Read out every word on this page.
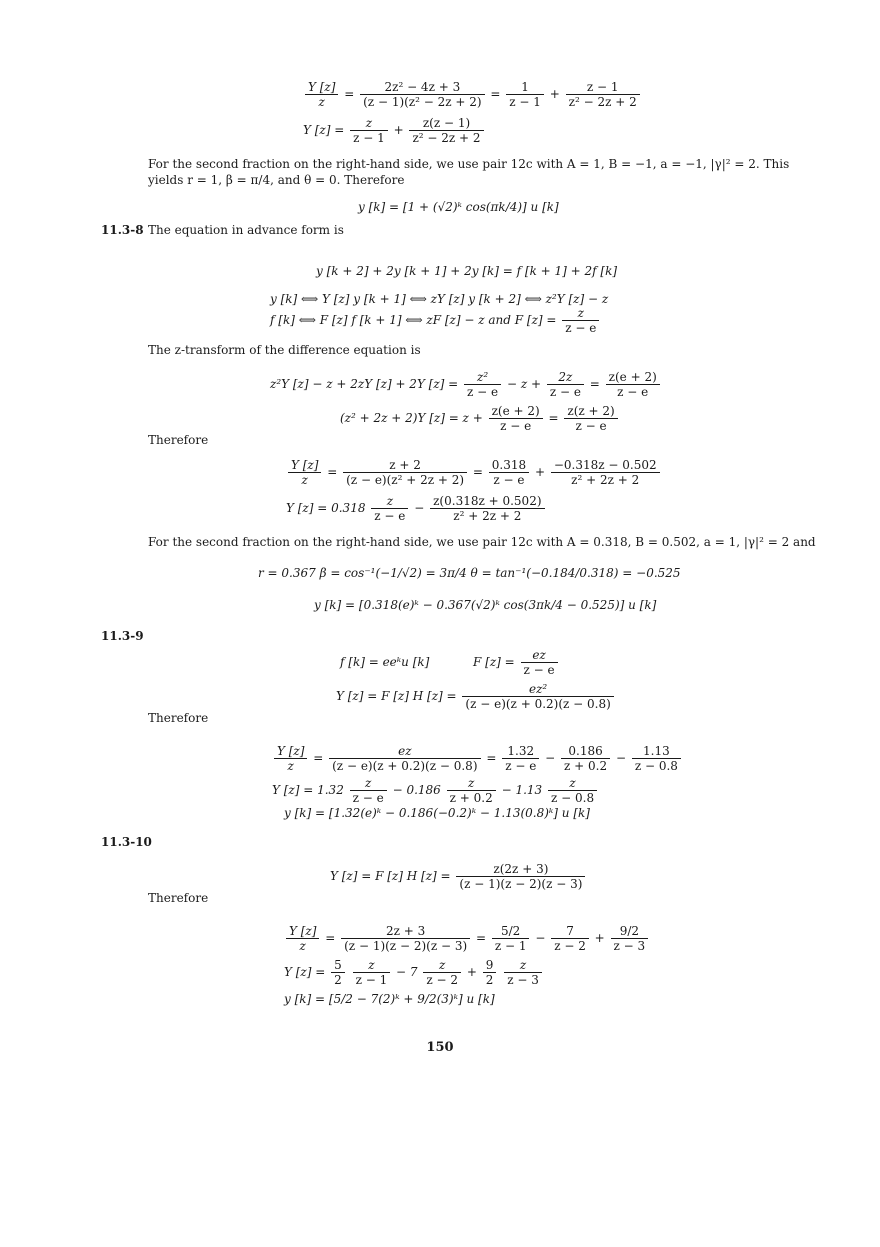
$\frac{Y [z]}{z} = \frac{\text{2z² − 4z + 3}}{\text{(z − 1)(z² − 2z + 2)}} = \frac{1}{z - 1} + \frac{z - 1}{\text{z² − 2z + 2}}$
Y $[z] = \frac{z}{z - 1} + \frac{z(z - 1)}{\text{z² − 2z + 2}}$
For the second fraction on the right-hand side, we use pair 12c with A = 1, B = −1, a = −1, |γ|² = 2. This
yields r = 1, β = π/4, and θ = 0. Therefore
y [k] = [1 + (√2)ᵏ cos(πk/4)] u [k]
11.3-8 The equation in advance form is
y [k + 2] + 2y [k + 1] + 2y [k] = f [k + 1] + 2f [k]
y [k] ⟺ Y [z] y [k + 1] ⟺ zY [z] y [k + 2] ⟺ z²Y [z] − z
f [k] ⟺ F [z] f [k + 1] ⟺ zF [z] − z and F $[z] = \frac{z}{z - e}$
The z-transform of the difference equation is
z²Y [z] − z + 2zY [z] + 2Y $[z] = \frac{\text{z²}}{z - e} - z + \frac{2z}{z - e} = \frac{z(e + 2)}{z - e}$
(z² + 2z + 2)Y $[z] = z + \frac{z(e + 2)}{z - e} = \frac{z(z + 2)}{z - e}$
Therefore
$\frac{Y [z]}{z} = \frac{z + 2}{\text{(z − e)(z² + 2z + 2)}} = \frac{0.318}{z - e} + \frac{-0.318z - 0.502}{\text{z² + 2z + 2}}$
Y $[z] = 0.318 \frac{z}{z - e} - \frac{z(0.318z + 0.502)}{\text{z² + 2z + 2}}$
For the second fraction on the right-hand side, we use pair 12c with A = 0.318, B = 0.502, a = 1, |γ|² = 2 and
r = 0.367 β = cos⁻¹(−1/√2) = 3π/4 θ = tan⁻¹(−0.184/0.318) = −0.525
y [k] = [0.318(e)ᵏ − 0.367(√2)ᵏ cos(3πk/4 − 0.525)] u [k]
11.3-9
f [k] = eeᵏu [k]	F $[z] = \frac{ez}{z - e}$
Y [z] = F [z] H $[z] = \frac{\text{ez²}}{(z - e)(z + 0.2)(z - 0.8)}$
Therefore
$\frac{Y [z]}{z} = \frac{ez}{(z - e)(z + 0.2)(z - 0.8)} = \frac{1.32}{z - e} - \frac{0.186}{z + 0.2} - \frac{1.13}{z - 0.8}$
Y $[z] = 1.32 \frac{z}{z - e} - 0.186 \frac{z}{z + 0.2} - 1.13 \frac{z}{z - 0.8}$
y [k] = [1.32(e)ᵏ − 0.186(−0.2)ᵏ − 1.13(0.8)ᵏ] u [k]
11.3-10
Y [z] = F [z] H $[z] = \frac{z(2z + 3)}{(z - 1)(z - 2)(z - 3)}$
Therefore
$\frac{Y [z]}{z} = \frac{2z + 3}{(z - 1)(z - 2)(z - 3)} = \frac{5/2}{z - 1} - \frac{7}{z - 2} + \frac{9/2}{z - 3}$
Y $[z] = \frac{5}{2}$
$\frac{z}{z - 1} - 7 \frac{z}{z - 2} + \frac{9}{2}$
$\frac{z}{z - 3}$
y [k] = [5/2 − 7(2)ᵏ + 9/2(3)ᵏ] u [k]
150
